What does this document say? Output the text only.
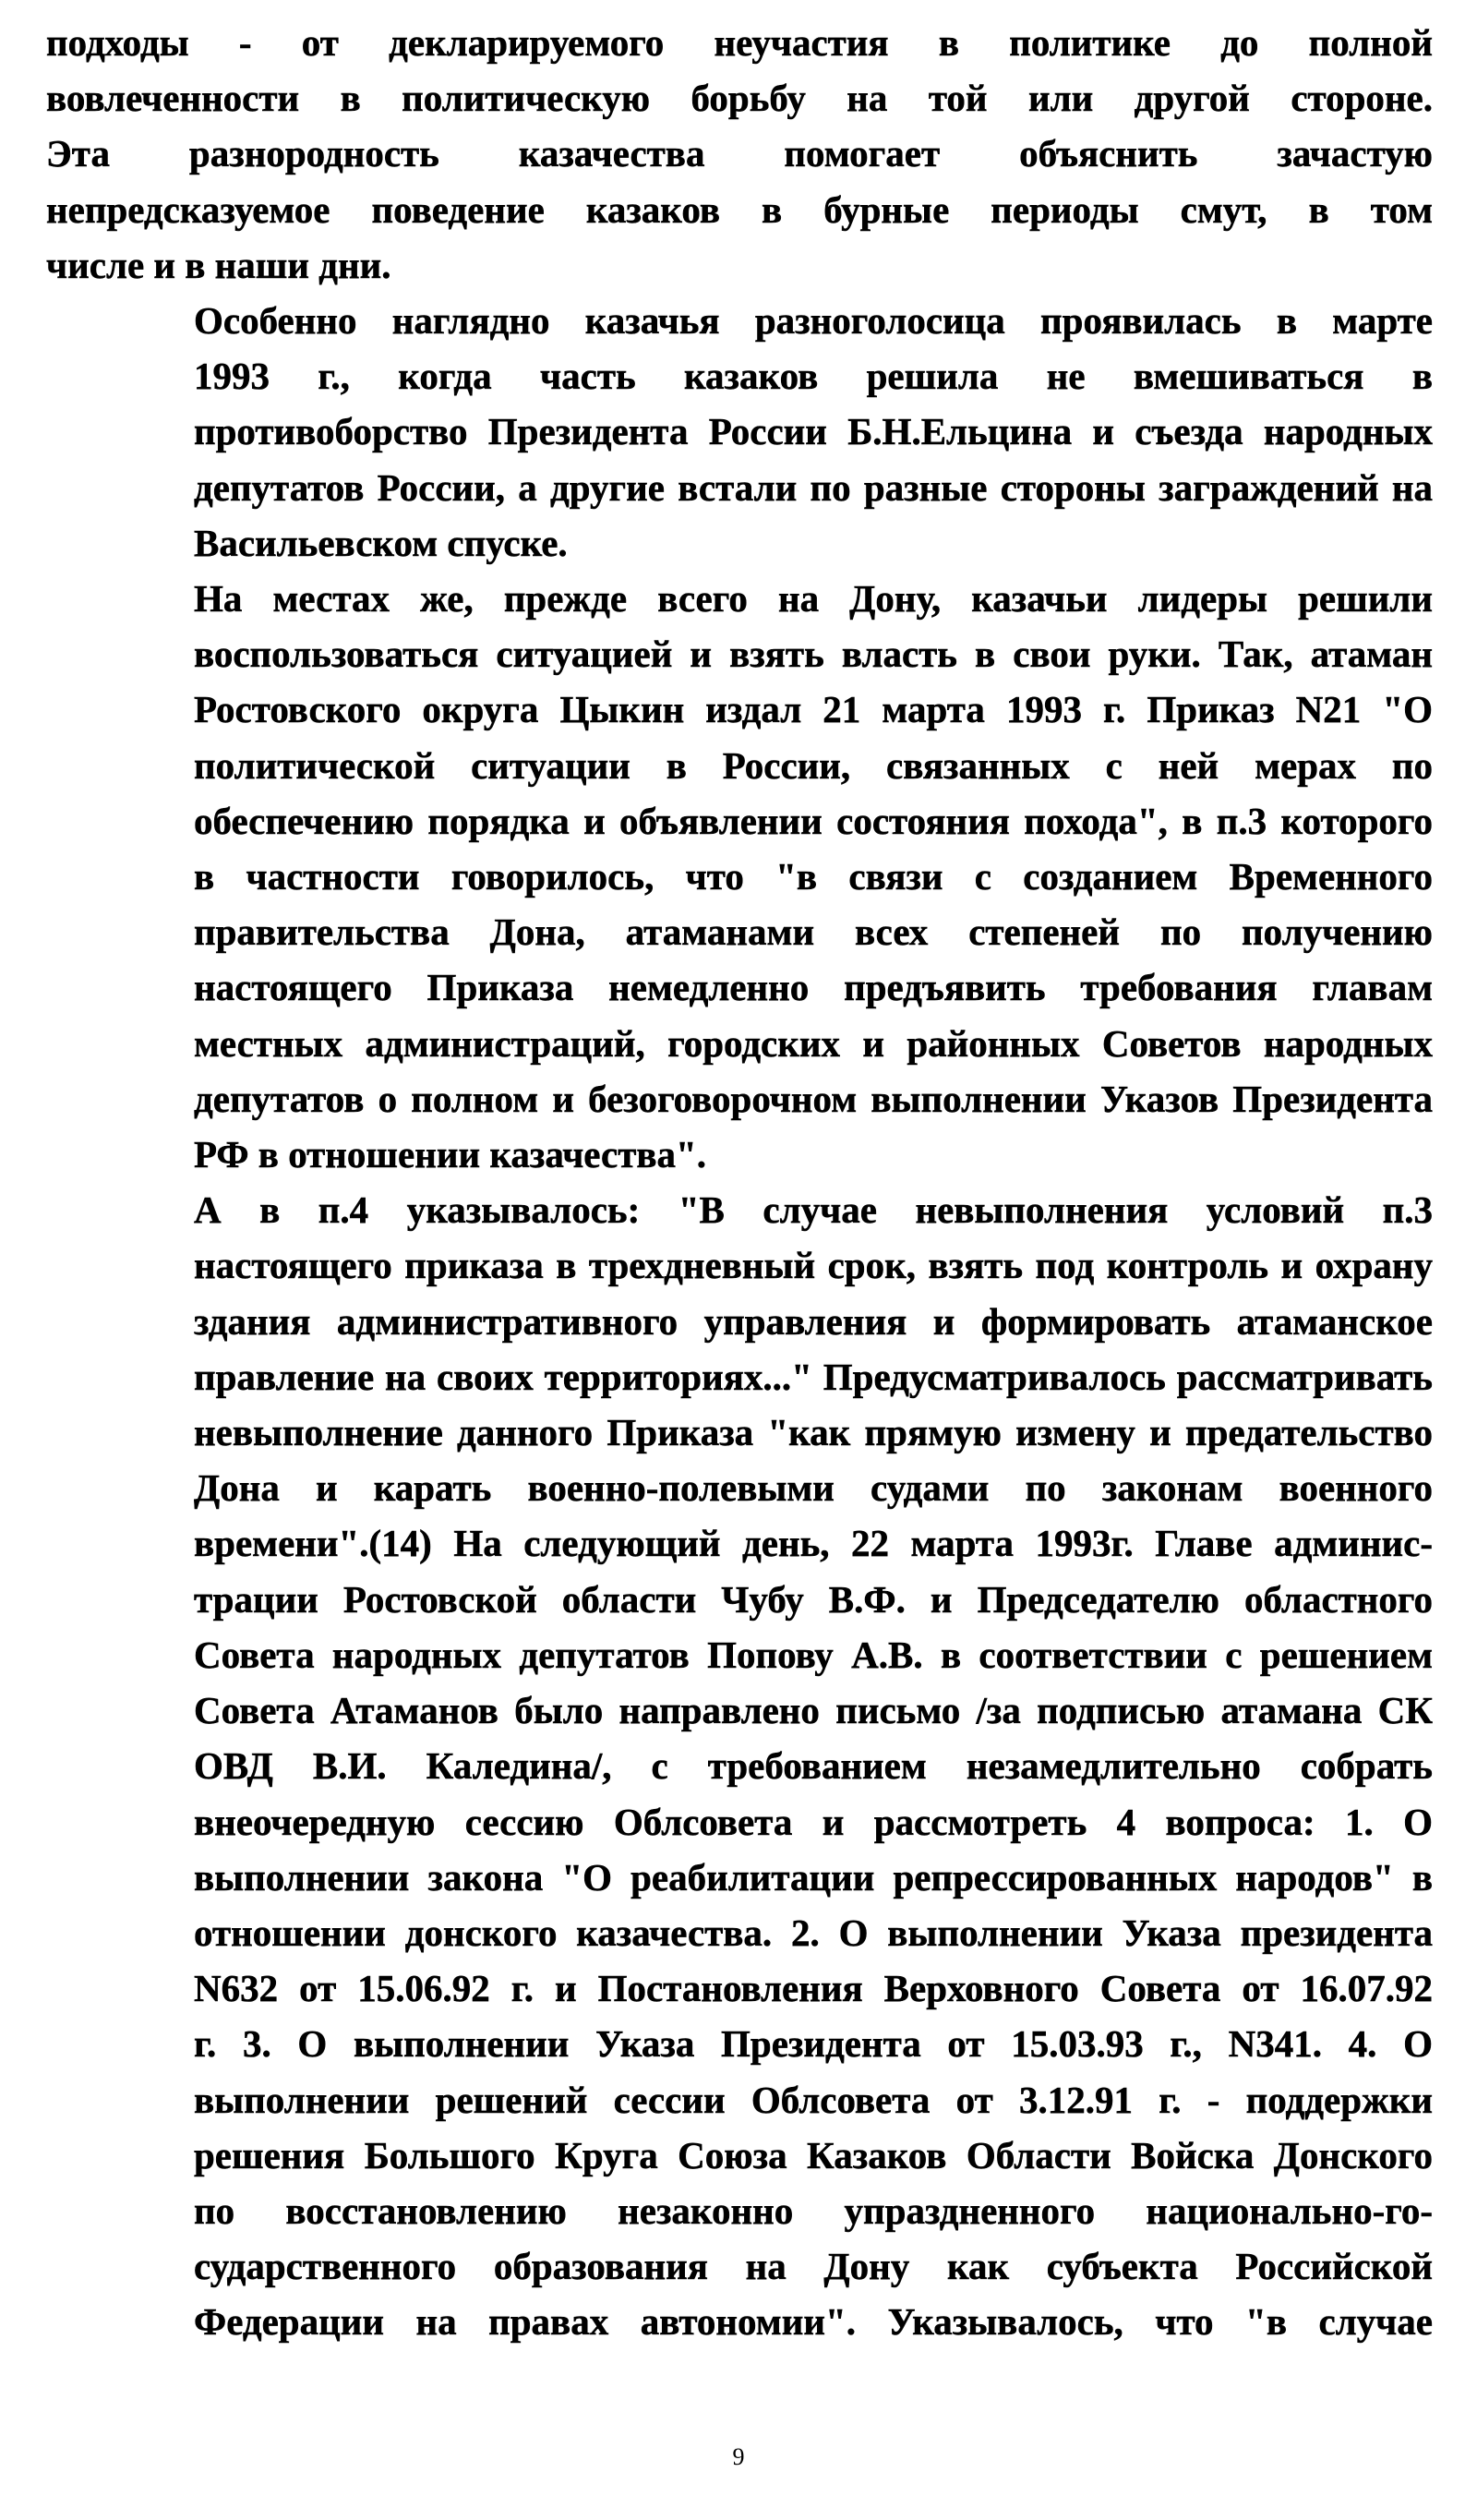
подходы - от декларируемого неучастия в политике до полной
вовлеченности в политическую борьбу на той или другой стороне.
Эта разнородность казачества помогает объяснить зачастую
непредсказуемое поведение казаков в бурные периоды смут, в том
числе и в наши дни.

Особенно наглядно казачья разноголосица проявилась в марте
1993 г., когда часть казаков решила не вмешиваться в
противоборство Президента России Б.Н.Ельцина и съезда народных
депутатов России, а другие встали по разные стороны заграждений на
Васильевском спуске.

На местах же, прежде всего на Дону, казачьи лидеры решили
воспользоваться ситуацией и взять власть в свои руки. Так, атаман
Ростовского округа Цыкин издал 21 марта 1993 г. Приказ N21 "О
политической ситуации в России, связанных с ней мерах по
обеспечению порядка и объявлении состояния похода", в п.3 которого
в частности говорилось, что "в связи с созданием Временного
правительства Дона, атаманами всех степеней по получению
настоящего Приказа немедленно предъявить требования главам
местных администраций, городских и районных Советов народных
депутатов о полном и безоговорочном выполнении Указов Президента
РФ в отношении казачества".

А в п.4 указывалось: "В случае невыполнения условий п.3
настоящего приказа в трехдневный срок, взять под контроль и охрану
здания административного управления и формировать атаманское
правление на своих территориях..." Предусматривалось рассматривать
невыполнение данного Приказа "как прямую измену и предательство
Дона и карать военно-полевыми судами по законам военного
времени".(14) На следующий день, 22 марта 1993г. Главе админис-
трации Ростовской области Чубу В.Ф. и Председателю областного
Совета народных депутатов Попову А.В. в соответствии с решением
Совета Атаманов было направлено письмо /за подписью атамана СК
ОВД В.И. Каледина/, с требованием незамедлительно собрать
внеочередную сессию Облсовета и рассмотреть 4 вопроса: 1. О
выполнении закона "О реабилитации репрессированных народов" в
отношении донского казачества. 2. О выполнении Указа президента
N632 от 15.06.92 г. и Постановления Верховного Совета от 16.07.92
г. 3. О выполнении Указа Президента от 15.03.93 г., N341. 4. О
выполнении решений сессии Облсовета от 3.12.91 г. - поддержки
решения Большого Круга Союза Казаков Области Войска Донского
по восстановлению незаконно упраздненного национально-го-
сударственного образования на Дону как субъекта Российской
Федерации на правах автономии". Указывалось, что "в случае

9
